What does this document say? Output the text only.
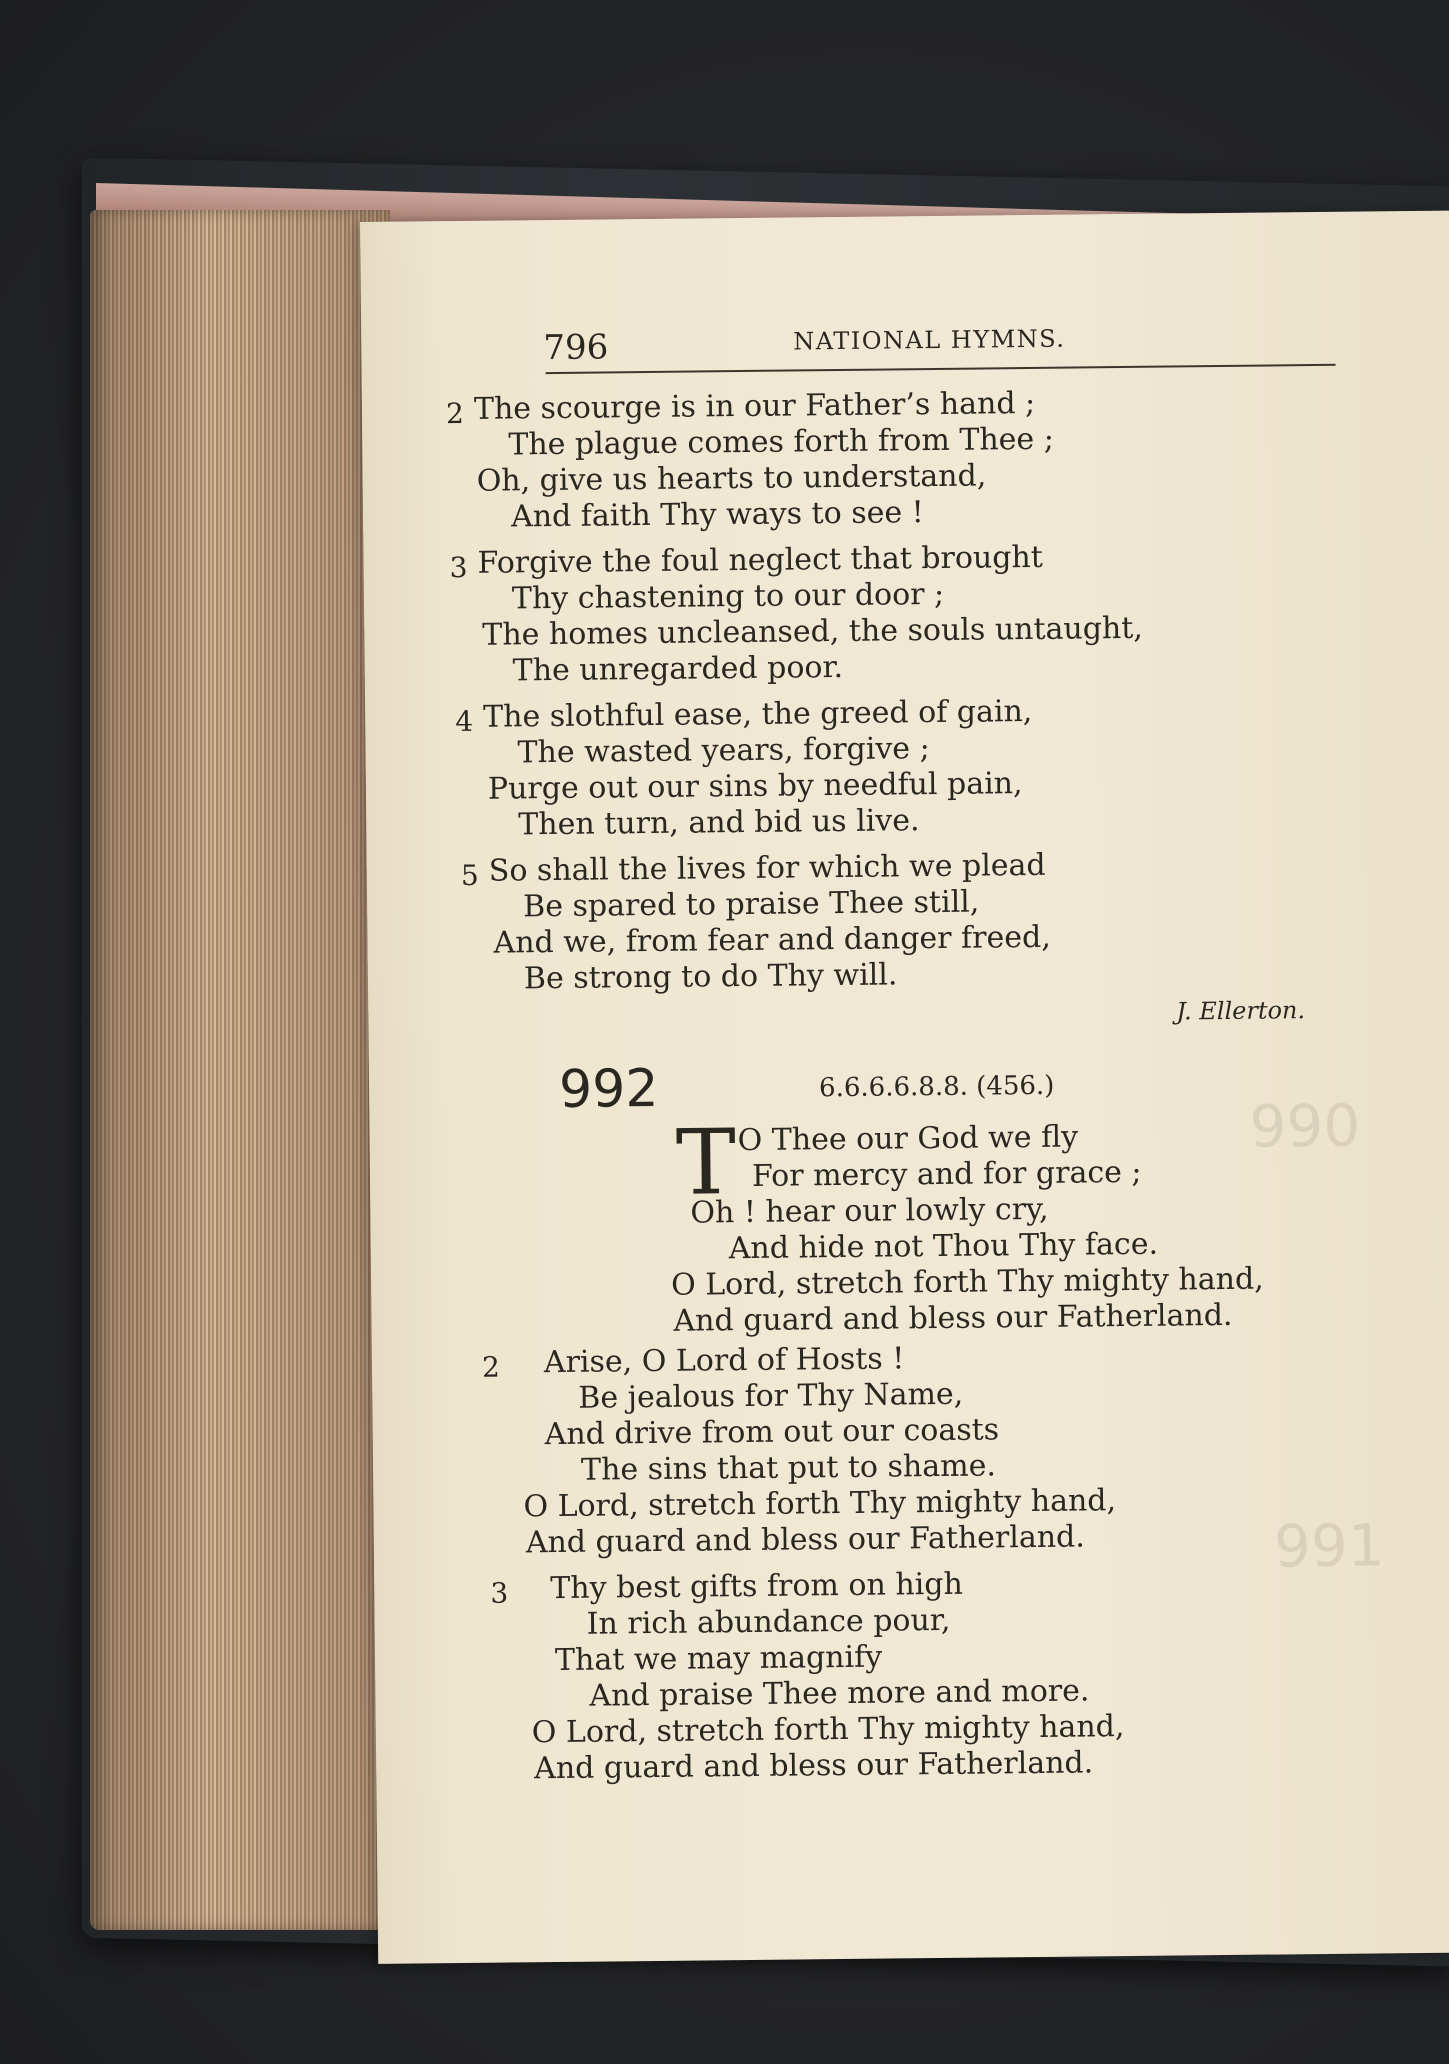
990
991
796	NATIONAL HYMNS.
2 The scourge is in our Father’s hand ;
The plague comes forth from Thee ;
Oh, give us hearts to understand,
And faith Thy ways to see !
3 Forgive the foul neglect that brought
Thy chastening to our door ;
The homes uncleansed, the souls untaught,
The unregarded poor.
4 The slothful ease, the greed of gain,
The wasted years, forgive ;
Purge out our sins by needful pain,
Then turn, and bid us live.
5 So shall the lives for which we plead
Be spared to praise Thee still,
And we, from fear and danger freed,
Be strong to do Thy will.
J. Ellerton.
992	6.6.6.6.8.8. (456.)
T O Thee our God we fly
For mercy and for grace ;
Oh ! hear our lowly cry,
And hide not Thou Thy face.
O Lord, stretch forth Thy mighty hand,
And guard and bless our Fatherland.
2 Arise, O Lord of Hosts !
Be jealous for Thy Name,
And drive from out our coasts
The sins that put to shame.
O Lord, stretch forth Thy mighty hand,
And guard and bless our Fatherland.
3 Thy best gifts from on high
In rich abundance pour,
That we may magnify
And praise Thee more and more.
O Lord, stretch forth Thy mighty hand,
And guard and bless our Fatherland.
